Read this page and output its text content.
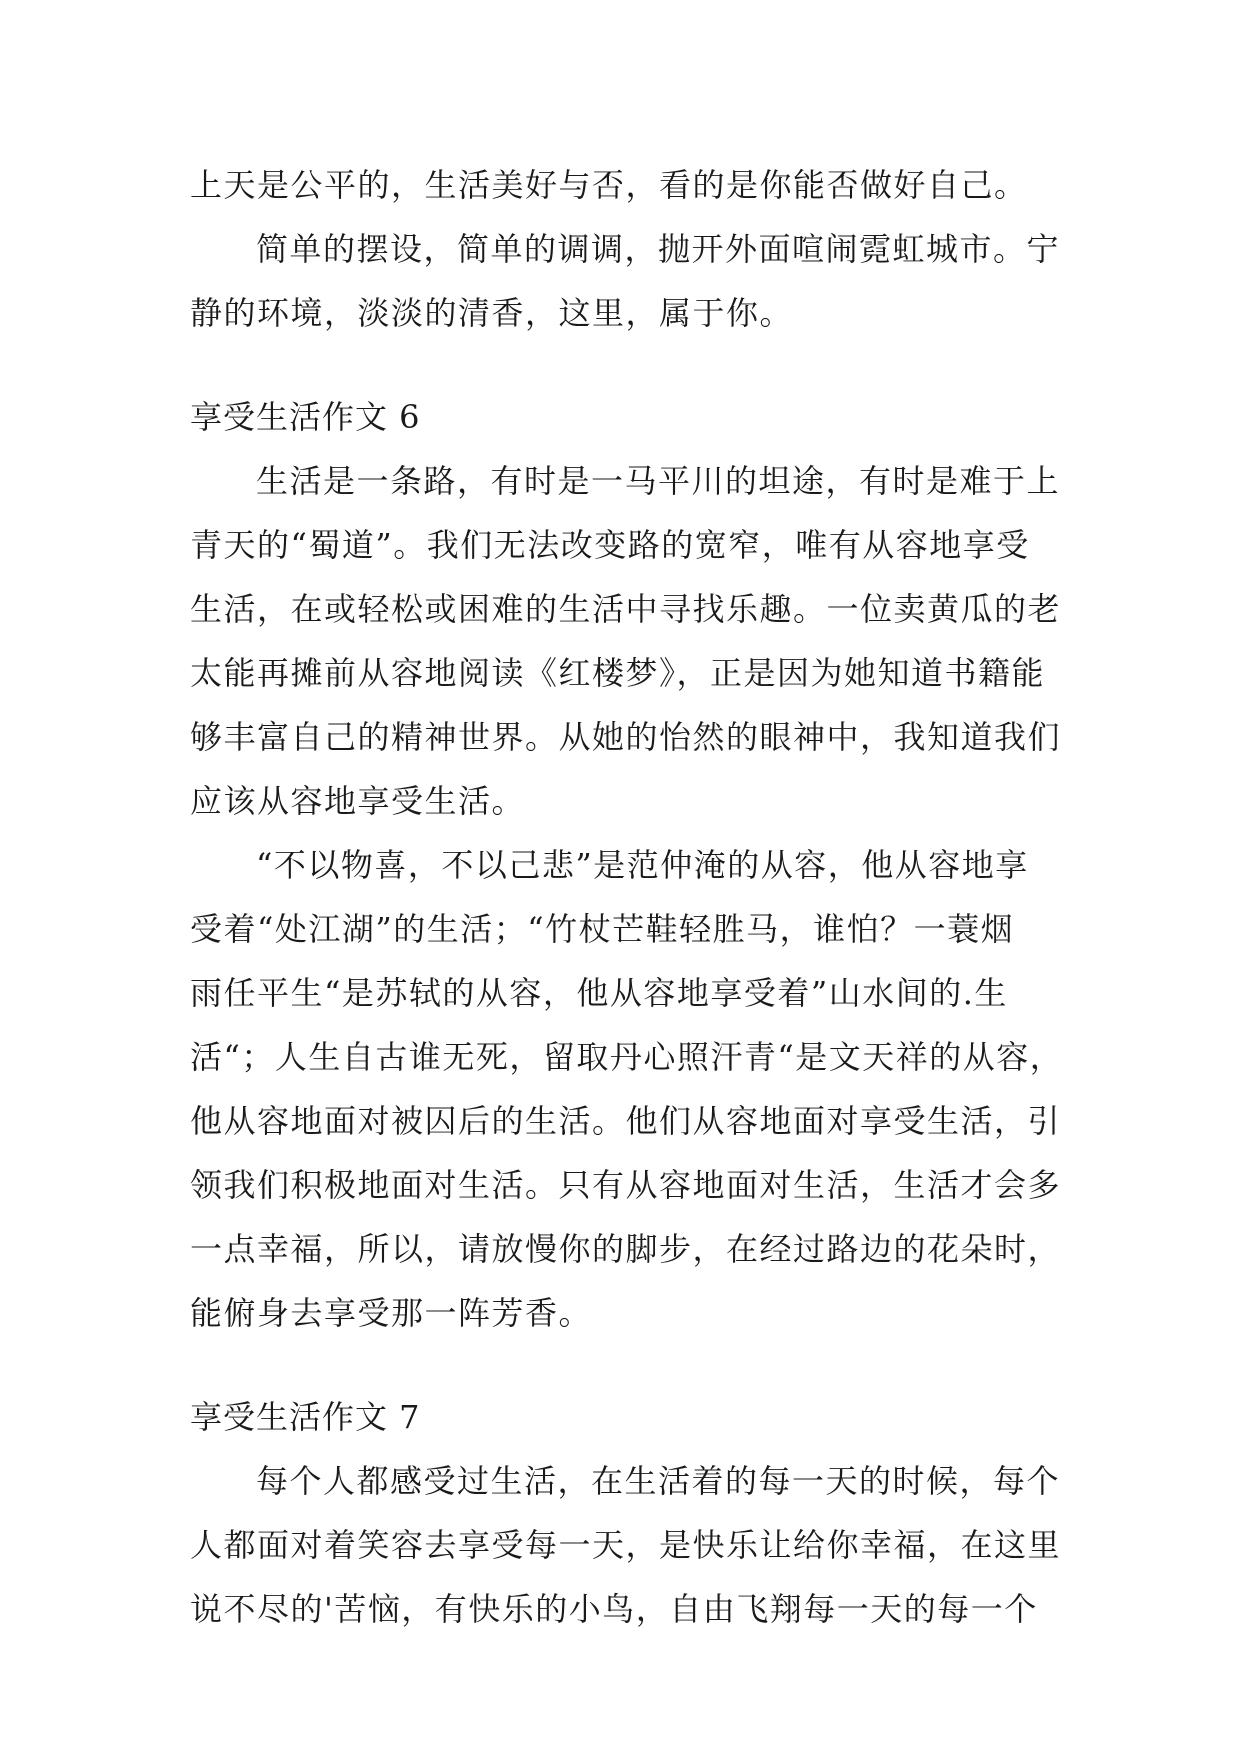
上天是公平的，生活美好与否，看的是你能否做好自己。
简单的摆设，简单的调调，抛开外面喧闹霓虹城市。宁
静的环境，淡淡的清香，这里，属于你。
享受生活作文 6
生活是一条路，有时是一马平川的坦途，有时是难于上
青天的“蜀道”。我们无法改变路的宽窄，唯有从容地享受
生活，在或轻松或困难的生活中寻找乐趣。一位卖黄瓜的老
太能再摊前从容地阅读《红楼梦》，正是因为她知道书籍能
够丰富自己的精神世界。从她的怡然的眼神中，我知道我们
应该从容地享受生活。
“不以物喜，不以己悲”是范仲淹的从容，他从容地享
受着“处江湖”的生活；“竹杖芒鞋轻胜马，谁怕？一蓑烟
雨任平生“是苏轼的从容，他从容地享受着”山水间的.生
活“；人生自古谁无死，留取丹心照汗青“是文天祥的从容，
他从容地面对被囚后的生活。他们从容地面对享受生活，引
领我们积极地面对生活。只有从容地面对生活，生活才会多
一点幸福，所以，请放慢你的脚步，在经过路边的花朵时，
能俯身去享受那一阵芳香。
享受生活作文 7
每个人都感受过生活，在生活着的每一天的时候，每个
人都面对着笑容去享受每一天，是快乐让给你幸福，在这里
说不尽的'苦恼，有快乐的小鸟，自由飞翔每一天的每一个
